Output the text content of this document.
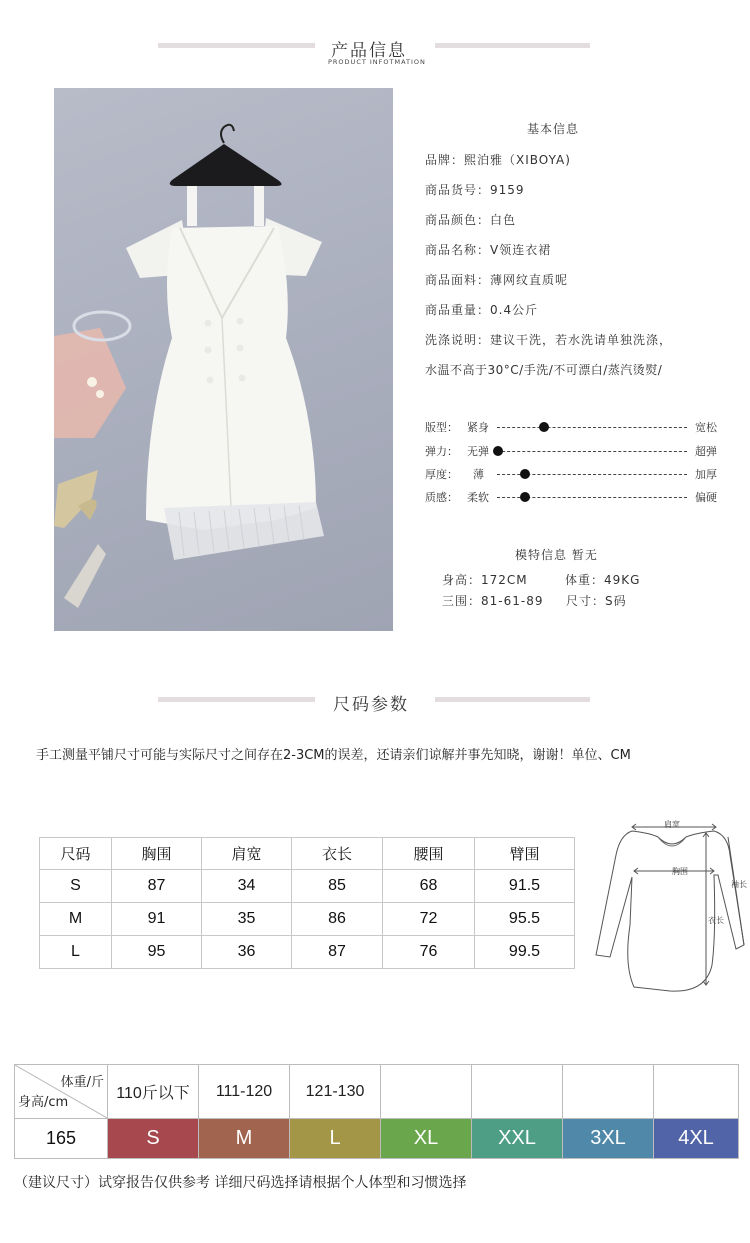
产品信息
PRODUCT INFOTMATION
基本信息
品牌：熙泊雅（XIBOYA)
商品货号：9159
商品颜色：白色
商品名称：V领连衣裙
商品面料：薄网纹直质呢
商品重量：0.4公斤
洗涤说明：建议干洗，若水洗请单独洗涤，
水温不高于30°C/手洗/不可漂白/蒸汽烫熨/
版型： 紧身	宽松
弹力： 无弹	超弹
厚度： 薄	加厚
质感： 柔软	偏硬
模特信息 暂无
身高：172CM	体重：49KG
三围：81-61-89 尺寸：S码
尺码参数
手工测量平铺尺寸可能与实际尺寸之间存在2-3CM的误差，还请亲们谅解并事先知晓，谢谢！单位、CM
尺码	胸围	肩宽	衣长	腰围	臂围
S	87	34	85	68	91.5
M	91	35	86	72	95.5
L	95	36	87	76	99.5
肩宽
胸围
袖长
衣长
体重/斤
身高/cm	110斤以下	111-120	121-130				
165	S	M	L	XL	XXL	3XL	4XL
（建议尺寸）试穿报告仅供参考 详细尺码选择请根据个人体型和习惯选择
